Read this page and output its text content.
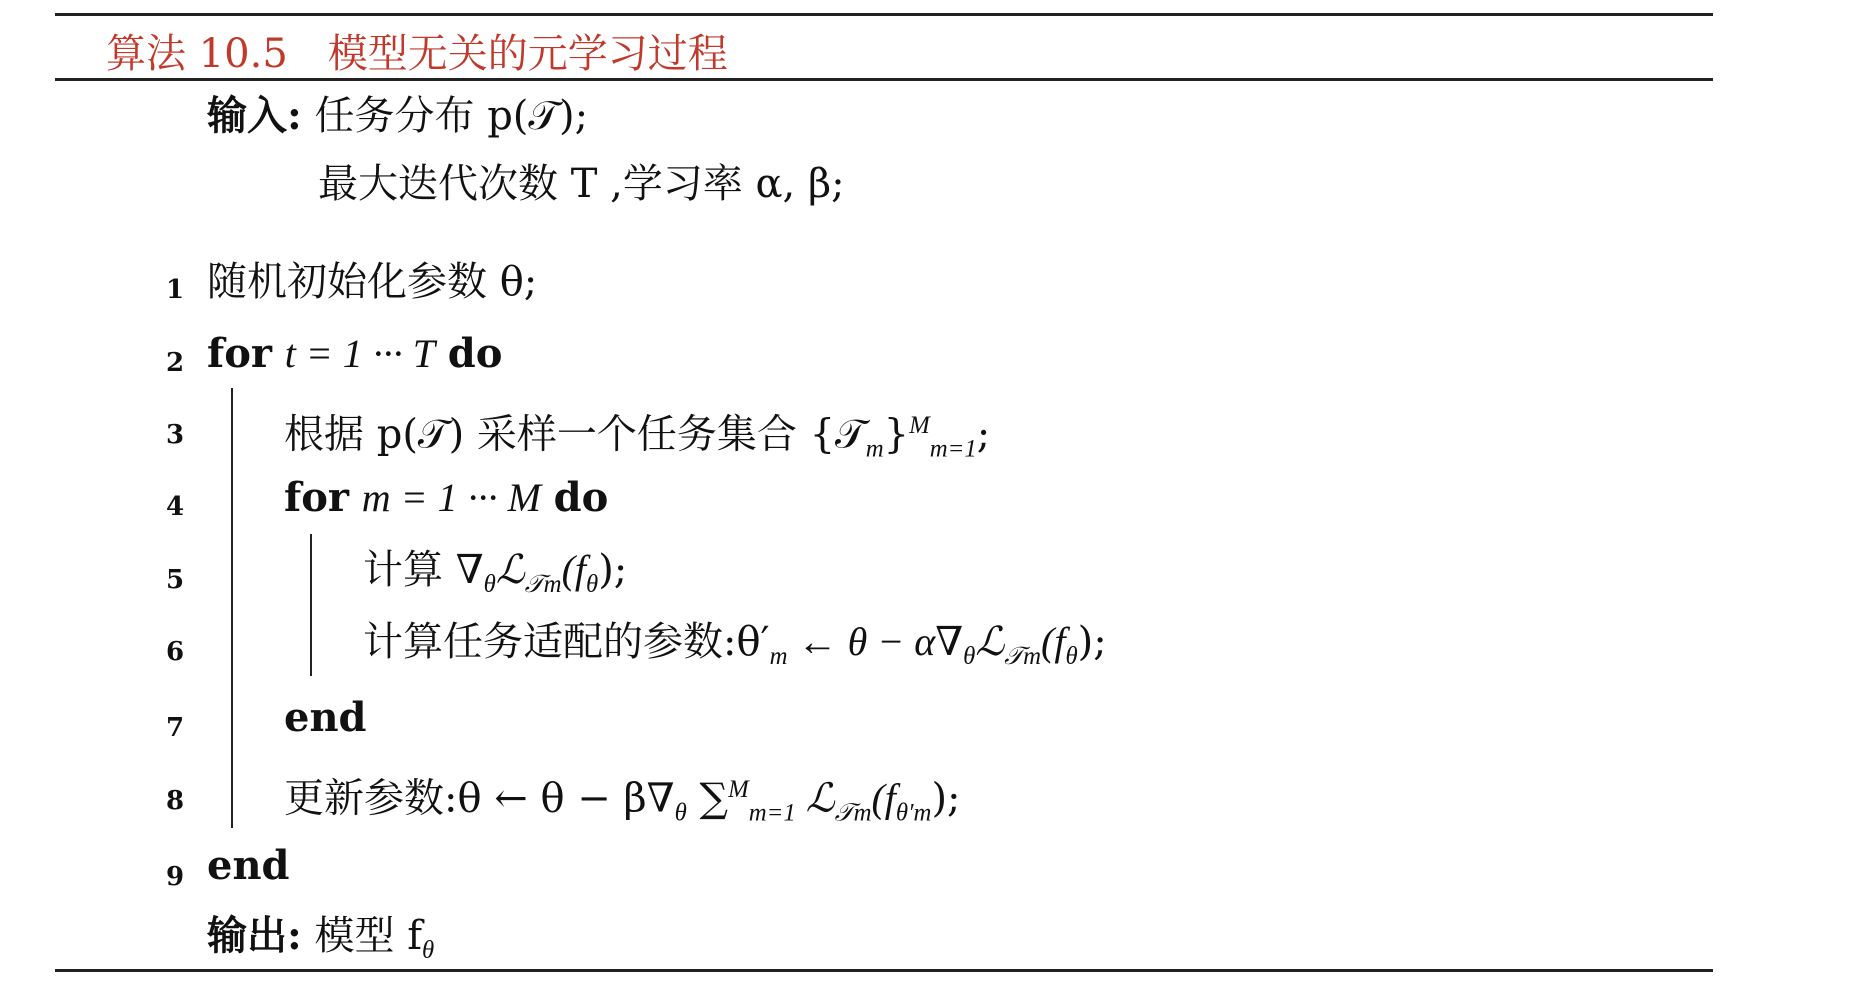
算法 10.5 模型无关的元学习过程
输入: 任务分布 p(𝒯);
最大迭代次数 T ,学习率 α, β;
1 随机初始化参数 θ;
2 for t = 1 ··· T do
3 根据 p(𝒯) 采样一个任务集合 {𝒯$_m$}$^M_{m=1}$;
4 for m = 1 ··· M do
5	计算 $\nabla_\theta ℒ_{𝒯m}(f_\theta)$;
6	计算任务适配的参数$:\theta'_m$ ← $\theta - \alpha\nabla_\theta ℒ_{𝒯m}(f_\theta)$;
7 end
8 更新参数:θ ← $\theta - \beta\nabla_\theta$ ∑$^M_{m=1}$ $ℒ_{𝒯m}(f_{\theta'm})$;
9 end
输出: 模型 $f_\theta$
